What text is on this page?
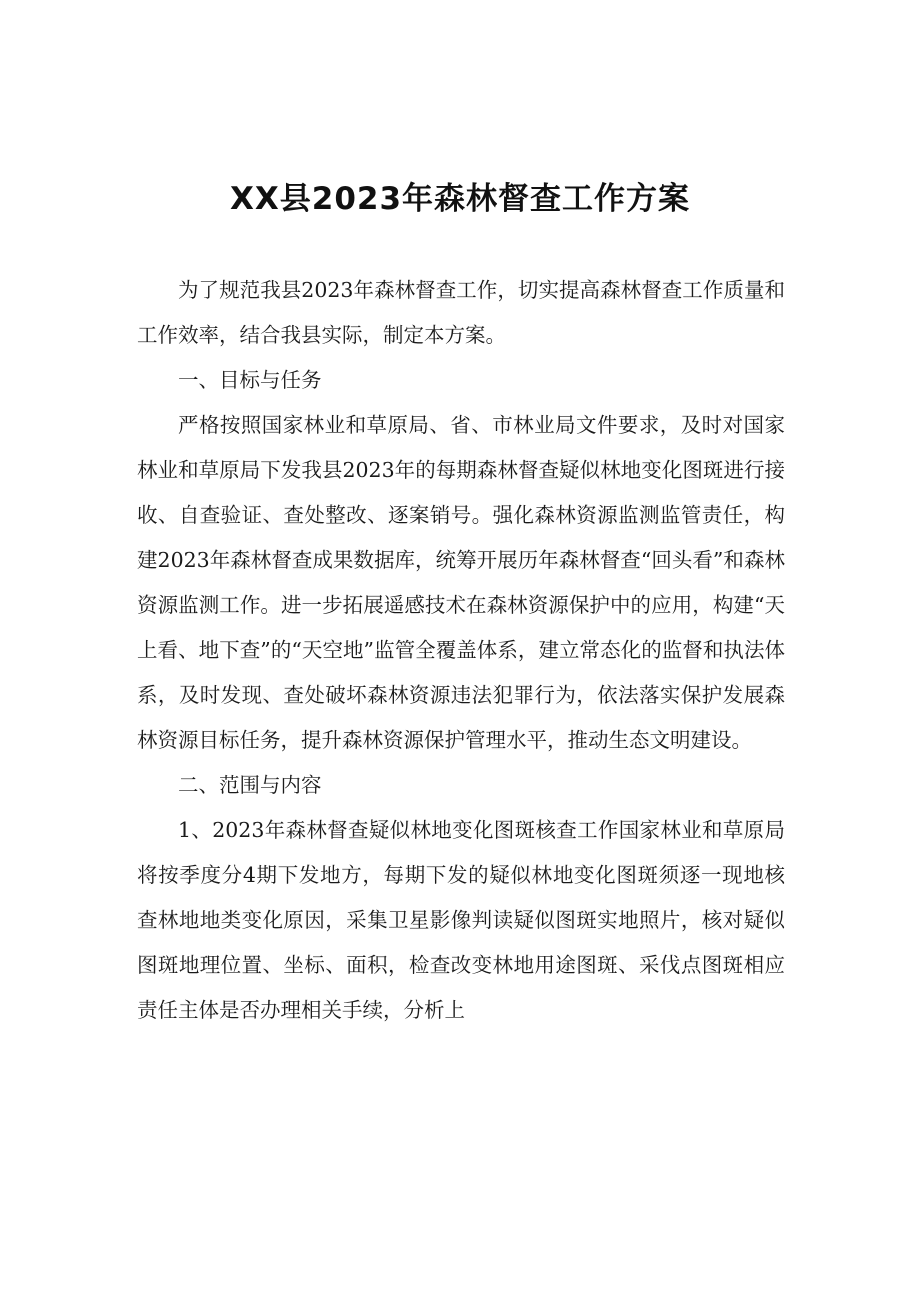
XX县2023年森林督查工作方案

为了规范我县2023年森林督查工作，切实提高森林督查工作质量和工作效率，结合我县实际，制定本方案。

一、目标与任务

严格按照国家林业和草原局、省、市林业局文件要求，及时对国家林业和草原局下发我县2023年的每期森林督查疑似林地变化图斑进行接收、自查验证、查处整改、逐案销号。强化森林资源监测监管责任，构建2023年森林督查成果数据库，统筹开展历年森林督查“回头看”和森林资源监测工作。进一步拓展遥感技术在森林资源保护中的应用，构建“天上看、地下查”的“天空地”监管全覆盖体系，建立常态化的监督和执法体系，及时发现、查处破坏森林资源违法犯罪行为，依法落实保护发展森林资源目标任务，提升森林资源保护管理水平，推动生态文明建设。

二、范围与内容

1、2023年森林督查疑似林地变化图斑核查工作国家林业和草原局将按季度分4期下发地方，每期下发的疑似林地变化图斑须逐一现地核查林地地类变化原因，采集卫星影像判读疑似图斑实地照片，核对疑似图斑地理位置、坐标、面积，检查改变林地用途图斑、采伐点图斑相应责任主体是否办理相关手续，分析上
